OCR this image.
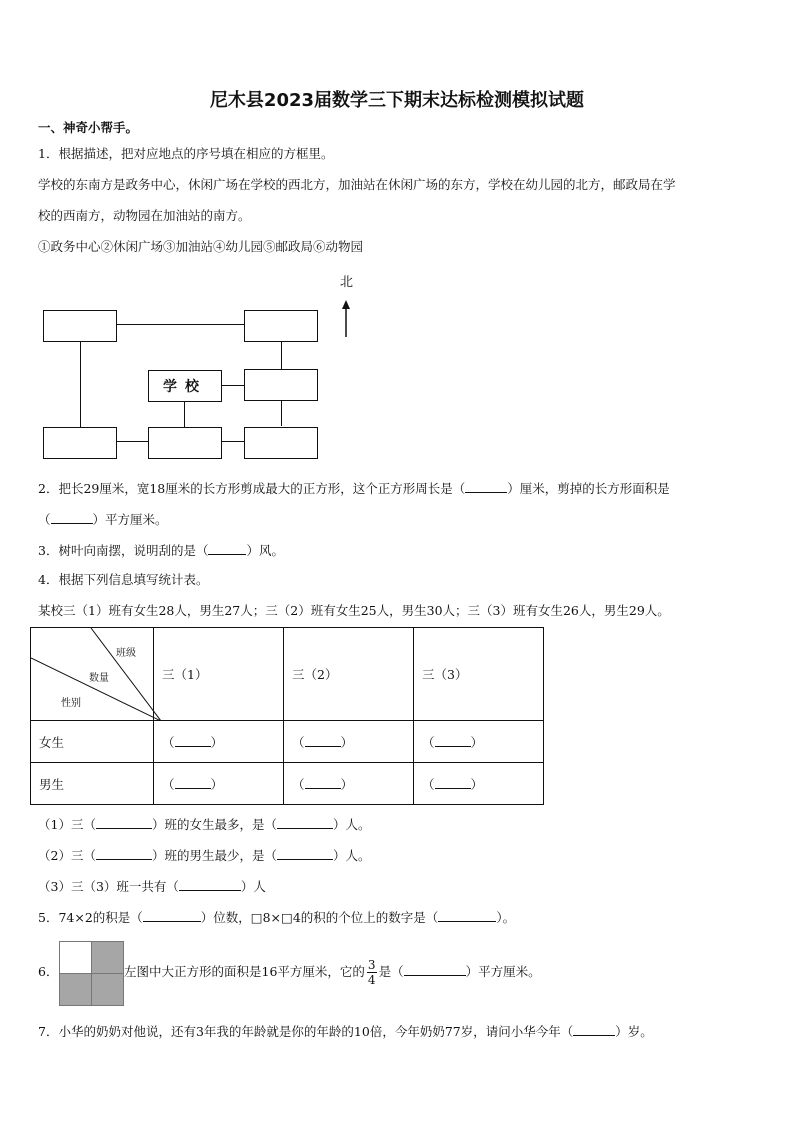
尼木县2023届数学三下期末达标检测模拟试题
一、神奇小帮手。
1．根据描述，把对应地点的序号填在相应的方框里。
学校的东南方是政务中心，休闲广场在学校的西北方，加油站在休闲广场的东方，学校在幼儿园的北方，邮政局在学
校的西南方，动物园在加油站的南方。
①政务中心②休闲广场③加油站④幼儿园⑤邮政局⑥动物园
学校
北
2．把长29厘米，宽18厘米的长方形剪成最大的正方形，这个正方形周长是（	）厘米，剪掉的长方形面积是
（	）平方厘米。
3．树叶向南摆，说明刮的是（	）风。
4．根据下列信息填写统计表。
某校三（1）班有女生28人，男生27人；三（2）班有女生25人，男生30人；三（3）班有女生26人，男生29人。
班级
数量
性别	三（1）	三（2）	三（3）
女生	（ ）	（ ）	（ ）
男生	（ ）	（ ）	（ ）
（1）三（	）班的女生最多，是（	）人。
（2）三（	）班的男生最少，是（	）人。
（3）三（3）班一共有（	）人
5．74×2的积是（	）位数，□8×□4的积的个位上的数字是（	）。
6．	左图中大正方形的面积是16平方厘米，它的 $\frac{3}{4}$ 是（	）平方厘米。
7．小华的奶奶对他说，还有3年我的年龄就是你的年龄的10倍，今年奶奶77岁，请问小华今年（	）岁。
